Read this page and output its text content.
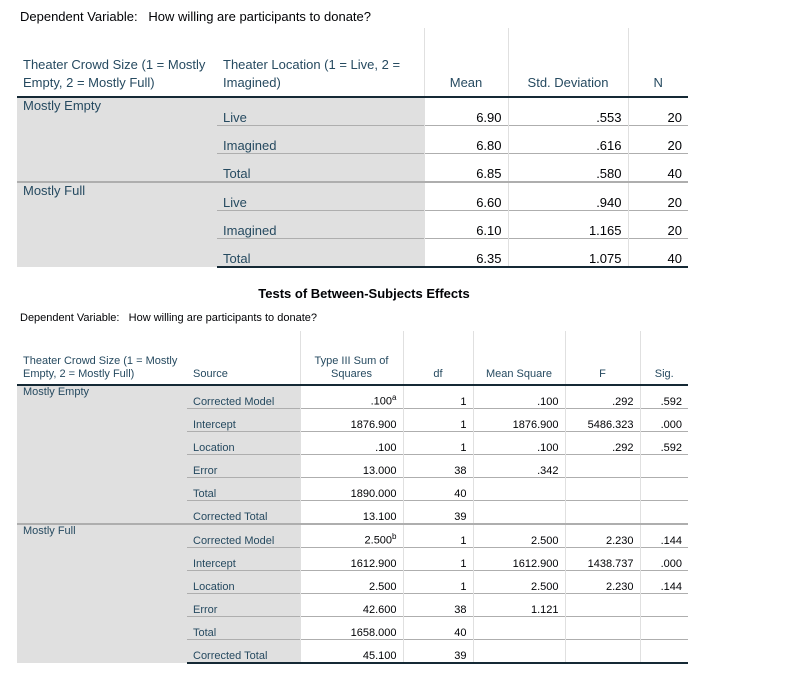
Dependent Variable: How willing are participants to donate?
Theater Crowd Size (1 = Mostly Empty, 2 = Mostly Full)	Theater Location (1 = Live, 2 = Imagined)	Mean	Std. Deviation	N
Mostly Empty	Live	6.90	.553	20
	Imagined	6.80	.616	20
	Total	6.85	.580	40
Mostly Full	Live	6.60	.940	20
	Imagined	6.10	1.165	20
	Total	6.35	1.075	40
Tests of Between-Subjects Effects
Dependent Variable: How willing are participants to donate?
Theater Crowd Size (1 = Mostly Empty, 2 = Mostly Full)	Source	Type III Sum of Squares	df	Mean Square	F	Sig.
Mostly Empty	Corrected Model	.100$^a$	1	.100	.292	.592
	Intercept	1876.900	1	1876.900	5486.323	.000
	Location	.100	1	.100	.292	.592
	Error	13.000	38	.342		
	Total	1890.000	40			
	Corrected Total	13.100	39			
Mostly Full	Corrected Model	2.500$^b$	1	2.500	2.230	.144
	Intercept	1612.900	1	1612.900	1438.737	.000
	Location	2.500	1	2.500	2.230	.144
	Error	42.600	38	1.121		
	Total	1658.000	40			
	Corrected Total	45.100	39			
